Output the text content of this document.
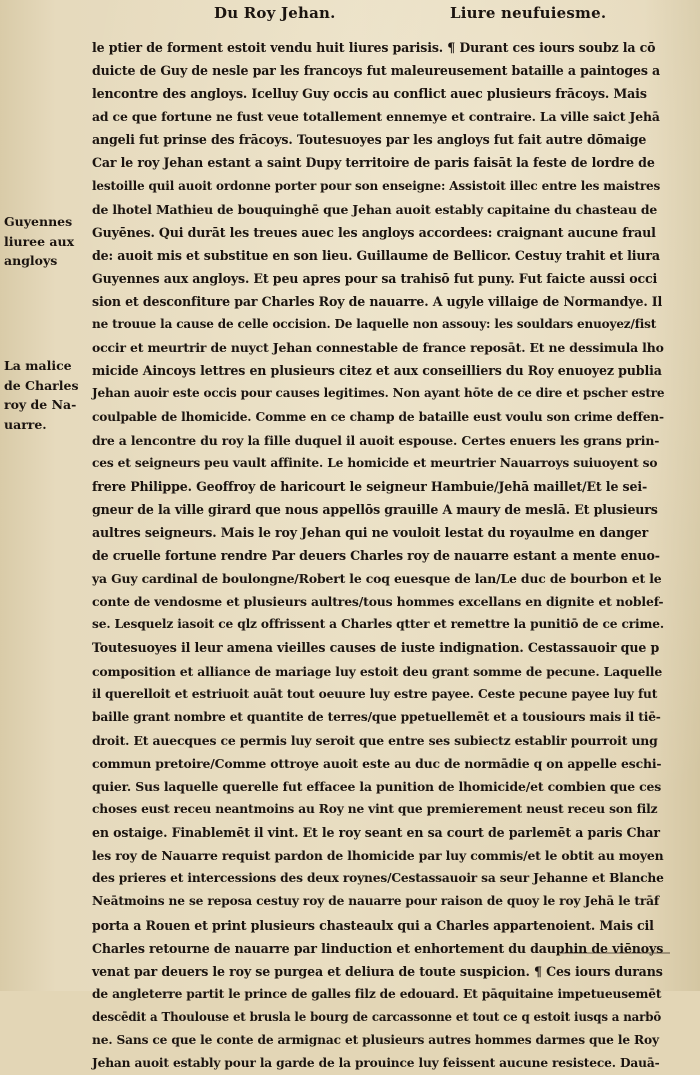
Du Roy Jehan.	Liure neufuiesme.
Guyennes
liuree aux
angloys
La malice
de Charles
roy de Na-
uarre.
le ptier de forment estoit vendu huit liures parisis. ¶ Durant ces iours soubz la cō
duicte de Guy de nesle par les francoys fut maleureusement bataille a paintoges a
lencontre des angloys. Icelluy Guy occis au conflict auec plusieurs frācoys. Mais
ad ce que fortune ne fust veue totallement ennemye et contraire. La ville saict Jehā
angeli fut prinse des frācoys. Toutesuoyes par les angloys fut fait autre dōmaige
Car le roy Jehan estant a saint Dupy territoire de paris faisāt la feste de lordre de
lestoille quil auoit ordonne porter pour son enseigne: Assistoit illec entre les maistres
de lhotel Mathieu de bouquinghē que Jehan auoit estably capitaine du chasteau de
Guyēnes. Qui durāt les treues auec les angloys accordees: craignant aucune fraul
de: auoit mis et substitue en son lieu. Guillaume de Bellicor. Cestuy trahit et liura
Guyennes aux angloys. Et peu apres pour sa trahisō fut puny. Fut faicte aussi occi
sion et desconfiture par Charles Roy de nauarre. A ugyle villaige de Normandye. Il
ne trouue la cause de celle occision. De laquelle non assouy: les souldars enuoyez/fist
occir et meurtrir de nuyct Jehan connestable de france reposāt. Et ne dessimula lho
micide Aincoys lettres en plusieurs citez et aux conseilliers du Roy enuoyez publia
Jehan auoir este occis pour causes legitimes. Non ayant hōte de ce dire et pscher estre
coulpable de lhomicide. Comme en ce champ de bataille eust voulu son crime deffen-
dre a lencontre du roy la fille duquel il auoit espouse. Certes enuers les grans prin-
ces et seigneurs peu vault affinite. Le homicide et meurtrier Nauarroys suiuoyent so
frere Philippe. Geoffroy de haricourt le seigneur Hambuie/Jehā maillet/Et le sei-
gneur de la ville girard que nous appellōs grauille A maury de meslā. Et plusieurs
aultres seigneurs. Mais le roy Jehan qui ne vouloit lestat du royaulme en danger
de cruelle fortune rendre Par deuers Charles roy de nauarre estant a mente enuo-
ya Guy cardinal de boulongne/Robert le coq euesque de lan/Le duc de bourbon et le
conte de vendosme et plusieurs aultres/tous hommes excellans en dignite et noblef-
se. Lesquelz iasoit ce qlz offrissent a Charles qtter et remettre la punitiō de ce crime.
Toutesuoyes il leur amena vieilles causes de iuste indignation. Cestassauoir que p
composition et alliance de mariage luy estoit deu grant somme de pecune. Laquelle
il querelloit et estriuoit auāt tout oeuure luy estre payee. Ceste pecune payee luy fut
baille grant nombre et quantite de terres/que ppetuellemēt et a tousiours mais il tiē-
droit. Et auecques ce permis luy seroit que entre ses subiectz establir pourroit ung
commun pretoire/Comme ottroye auoit este au duc de normādie q on appelle eschi-
quier. Sus laquelle querelle fut effacee la punition de lhomicide/et combien que ces
choses eust receu neantmoins au Roy ne vint que premierement neust receu son filz
en ostaige. Finablemēt il vint. Et le roy seant en sa court de parlemēt a paris Char
les roy de Nauarre requist pardon de lhomicide par luy commis/et le obtit au moyen
des prieres et intercessions des deux roynes/Cestassauoir sa seur Jehanne et Blanche
Neātmoins ne se reposa cestuy roy de nauarre pour raison de quoy le roy Jehā le trāf
porta a Rouen et print plusieurs chasteaulx qui a Charles appartenoient. Mais cil
Charles retourne de nauarre par linduction et enhortement du dauphin de viēnoys
venat par deuers le roy se purgea et deliura de toute suspicion. ¶ Ces iours durans
de angleterre partit le prince de galles filz de edouard. Et pāquitaine impetueusemēt
descēdit a Thoulouse et brusla le bourg de carcassonne et tout ce q estoit iusqs a narbō
ne. Sans ce que le conte de armignac et plusieurs autres hommes darmes que le Roy
Jehan auoit estably pour la garde de la prouince luy feissent aucune resistece. Dauā-
